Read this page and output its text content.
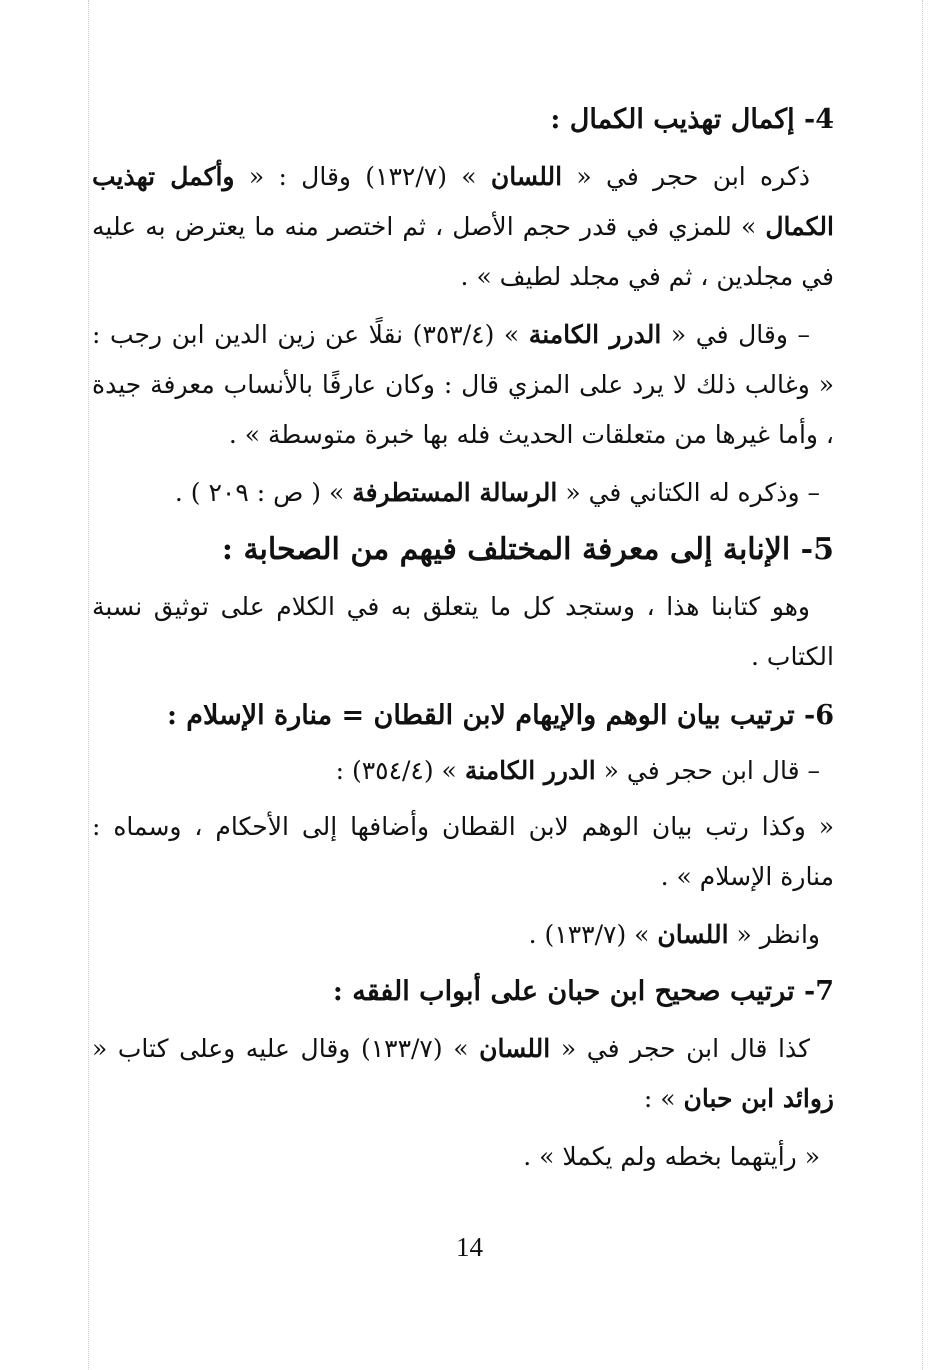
4- إكمال تهذيب الكمال :

ذكره ابن حجر في « اللسان » (١٣٢/٧) وقال : « وأكمل تهذيب الكمال » للمزي في قدر حجم الأصل ، ثم اختصر منه ما يعترض به عليه في مجلدين ، ثم في مجلد لطيف » .

– وقال في « الدرر الكامنة » (٣٥٣/٤) نقلًا عن زين الدين ابن رجب : « وغالب ذلك لا يرد على المزي قال : وكان عارفًا بالأنساب معرفة جيدة ، وأما غيرها من متعلقات الحديث فله بها خبرة متوسطة » .

– وذكره له الكتاني في « الرسالة المستطرفة » ( ص : ٢٠٩ ) .

5- الإنابة إلى معرفة المختلف فيهم من الصحابة :

وهو كتابنا هذا ، وستجد كل ما يتعلق به في الكلام على توثيق نسبة الكتاب .

6- ترتيب بيان الوهم والإيهام لابن القطان = منارة الإسلام :

– قال ابن حجر في « الدرر الكامنة » (٣٥٤/٤) :

« وكذا رتب بيان الوهم لابن القطان وأضافها إلى الأحكام ، وسماه : منارة الإسلام » .

وانظر « اللسان » (١٣٣/٧) .

7- ترتيب صحيح ابن حبان على أبواب الفقه :

كذا قال ابن حجر في « اللسان » (١٣٣/٧) وقال عليه وعلى كتاب « زوائد ابن حبان » :

« رأيتهما بخطه ولم يكملا » .

14
